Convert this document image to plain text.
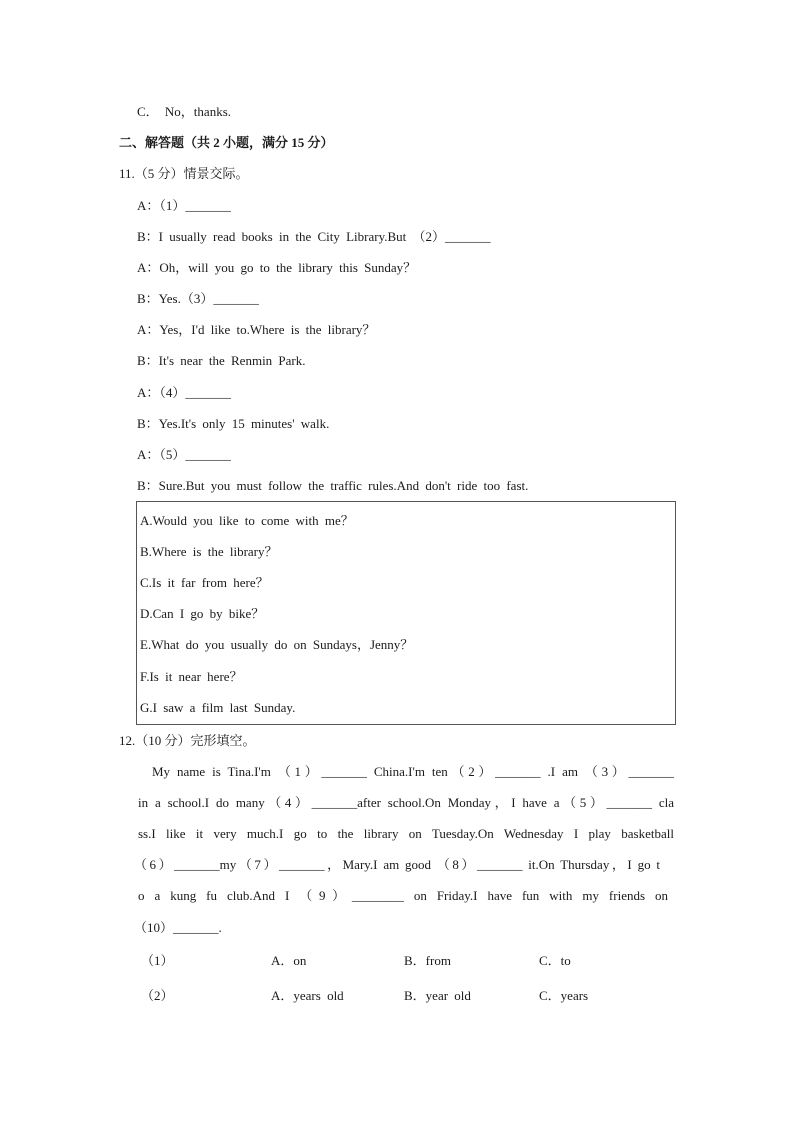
C． No，thanks.
二、解答题（共 2 小题，满分 15 分）
11.（5 分）情景交际。
A：（1）_______
B：I usually read books in the City Library.But （2）_______
A：Oh，will you go to the library this Sunday？
B：Yes.（3）_______
A：Yes，I'd like to.Where is the library？
B：It's near the Renmin Park.
A：（4）_______
B：Yes.It's only 15 minutes' walk.
A：（5）_______
B：Sure.But you must follow the traffic rules.And don't ride too fast.
A.Would you like to come with me？
B.Where is the library？
C.Is it far from here？
D.Can I go by bike？
E.What do you usually do on Sundays，Jenny？
F.Is it near here？
G.I saw a film last Sunday.
12.（10 分）完形填空。
My name is Tina.I'm （1）_______ China.I'm ten（2）_______ .I am （3）_______
in a school.I do many（4）_______after school.On Monday，I have a（5）_______ cla
ss.I like it very much.I go to the library on Tuesday.On Wednesday I play basketball
（6）_______my（7）_______，Mary.I am good （8）_______ it.On Thursday，I go t
o a kung fu club.And I （9）________ on Friday.I have fun with my friends on
（10）_______.
（1）	A．on	B．from	C．to
（2）	A．years old	B．year old	C．years
